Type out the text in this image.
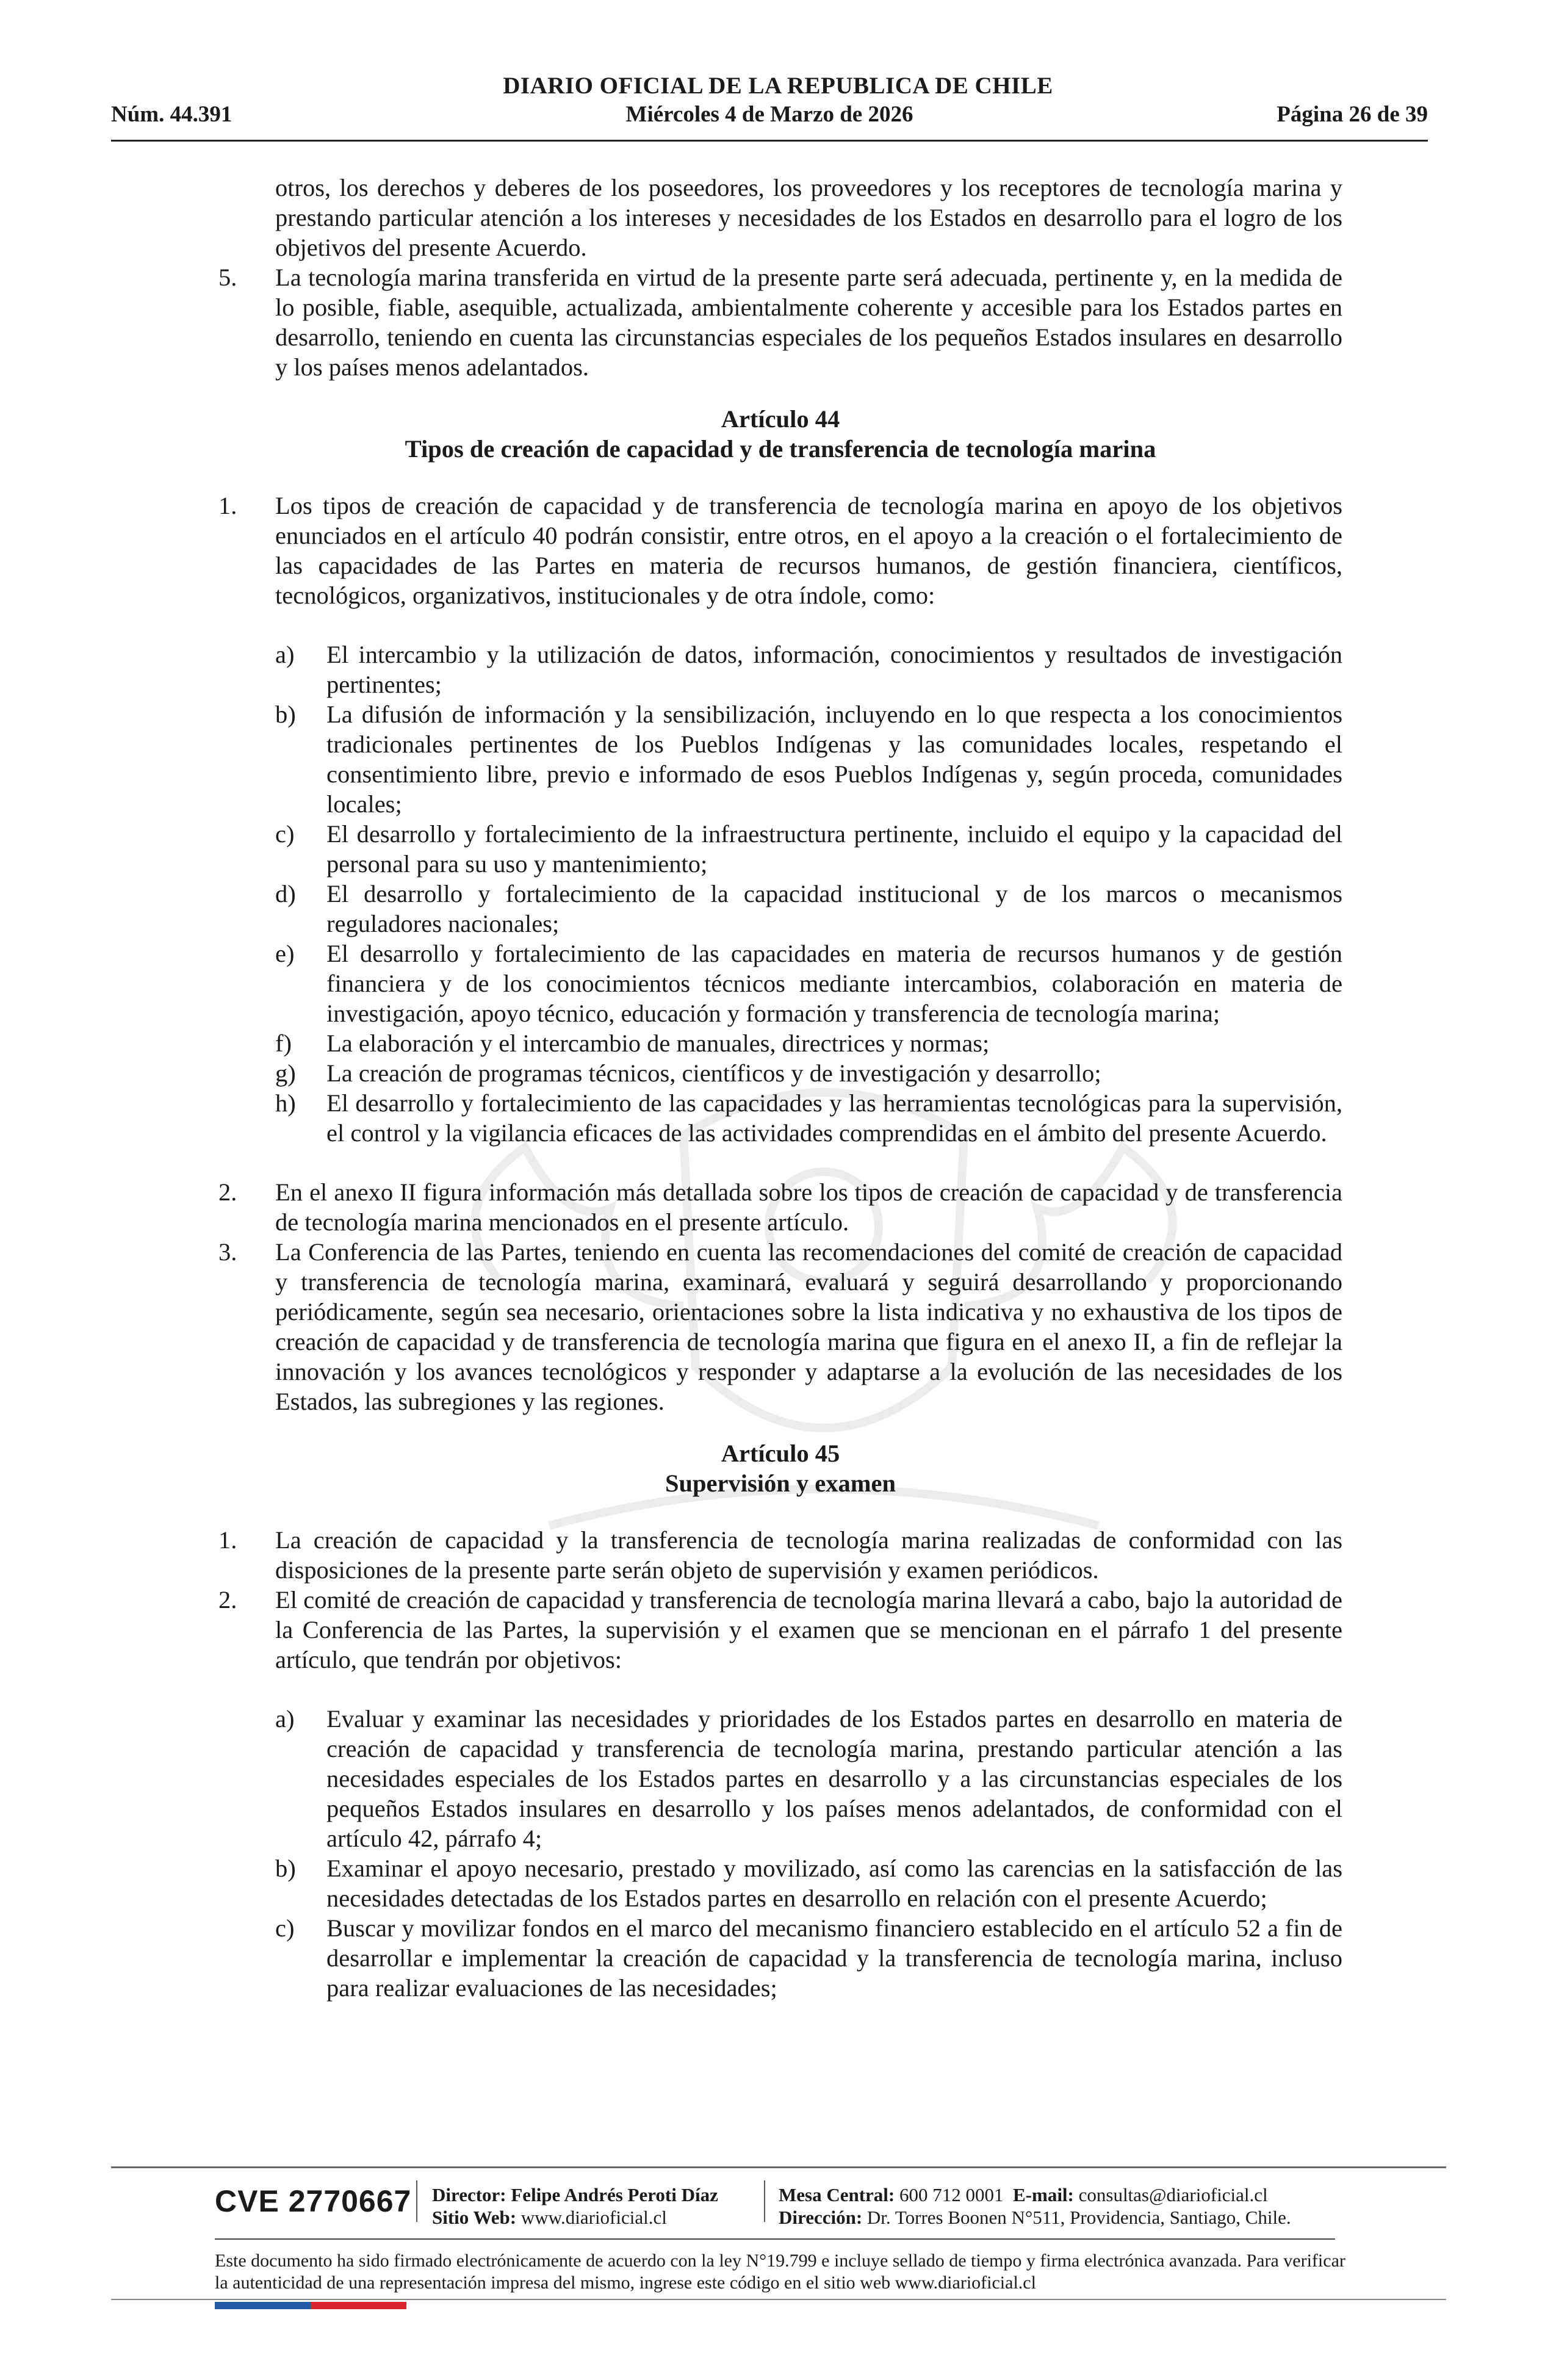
DIARIO OFICIAL DE LA REPUBLICA DE CHILE
Núm. 44.391	Miércoles 4 de Marzo de 2026	Página 26 de 39

otros, los derechos y deberes de los poseedores, los proveedores y los receptores de tecnología marina y prestando particular atención a los intereses y necesidades de los Estados en desarrollo para el logro de los objetivos del presente Acuerdo.

5. La tecnología marina transferida en virtud de la presente parte será adecuada, pertinente y, en la medida de lo posible, fiable, asequible, actualizada, ambientalmente coherente y accesible para los Estados partes en desarrollo, teniendo en cuenta las circunstancias especiales de los pequeños Estados insulares en desarrollo y los países menos adelantados.

Artículo 44

Tipos de creación de capacidad y de transferencia de tecnología marina

1. Los tipos de creación de capacidad y de transferencia de tecnología marina en apoyo de los objetivos enunciados en el artículo 40 podrán consistir, entre otros, en el apoyo a la creación o el fortalecimiento de las capacidades de las Partes en materia de recursos humanos, de gestión financiera, científicos, tecnológicos, organizativos, institucionales y de otra índole, como:

a) El intercambio y la utilización de datos, información, conocimientos y resultados de investigación pertinentes;

b) La difusión de información y la sensibilización, incluyendo en lo que respecta a los conocimientos tradicionales pertinentes de los Pueblos Indígenas y las comunidades locales, respetando el consentimiento libre, previo e informado de esos Pueblos Indígenas y, según proceda, comunidades locales;

c) El desarrollo y fortalecimiento de la infraestructura pertinente, incluido el equipo y la capacidad del personal para su uso y mantenimiento;

d) El desarrollo y fortalecimiento de la capacidad institucional y de los marcos o mecanismos reguladores nacionales;

e) El desarrollo y fortalecimiento de las capacidades en materia de recursos humanos y de gestión financiera y de los conocimientos técnicos mediante intercambios, colaboración en materia de investigación, apoyo técnico, educación y formación y transferencia de tecnología marina;

f) La elaboración y el intercambio de manuales, directrices y normas;

g) La creación de programas técnicos, científicos y de investigación y desarrollo;

h) El desarrollo y fortalecimiento de las capacidades y las herramientas tecnológicas para la supervisión, el control y la vigilancia eficaces de las actividades comprendidas en el ámbito del presente Acuerdo.

2. En el anexo II figura información más detallada sobre los tipos de creación de capacidad y de transferencia de tecnología marina mencionados en el presente artículo.

3. La Conferencia de las Partes, teniendo en cuenta las recomendaciones del comité de creación de capacidad y transferencia de tecnología marina, examinará, evaluará y seguirá desarrollando y proporcionando periódicamente, según sea necesario, orientaciones sobre la lista indicativa y no exhaustiva de los tipos de creación de capacidad y de transferencia de tecnología marina que figura en el anexo II, a fin de reflejar la innovación y los avances tecnológicos y responder y adaptarse a la evolución de las necesidades de los Estados, las subregiones y las regiones.

Artículo 45

Supervisión y examen

1. La creación de capacidad y la transferencia de tecnología marina realizadas de conformidad con las disposiciones de la presente parte serán objeto de supervisión y examen periódicos.

2. El comité de creación de capacidad y transferencia de tecnología marina llevará a cabo, bajo la autoridad de la Conferencia de las Partes, la supervisión y el examen que se mencionan en el párrafo 1 del presente artículo, que tendrán por objetivos:

a) Evaluar y examinar las necesidades y prioridades de los Estados partes en desarrollo en materia de creación de capacidad y transferencia de tecnología marina, prestando particular atención a las necesidades especiales de los Estados partes en desarrollo y a las circunstancias especiales de los pequeños Estados insulares en desarrollo y los países menos adelantados, de conformidad con el artículo 42, párrafo 4;

b) Examinar el apoyo necesario, prestado y movilizado, así como las carencias en la satisfacción de las necesidades detectadas de los Estados partes en desarrollo en relación con el presente Acuerdo;

c) Buscar y movilizar fondos en el marco del mecanismo financiero establecido en el artículo 52 a fin de desarrollar e implementar la creación de capacidad y la transferencia de tecnología marina, incluso para realizar evaluaciones de las necesidades;

CVE 2770667 Director: Felipe Andrés Peroti Díaz
Sitio Web: www.diarioficial.cl
Mesa Central: 600 712 0001 E-mail: consultas@diarioficial.cl
Dirección: Dr. Torres Boonen N°511, Providencia, Santiago, Chile.
Este documento ha sido firmado electrónicamente de acuerdo con la ley N°19.799 e incluye sellado de tiempo y firma electrónica avanzada. Para verificar la autenticidad de una representación impresa del mismo, ingrese este código en el sitio web www.diarioficial.cl
